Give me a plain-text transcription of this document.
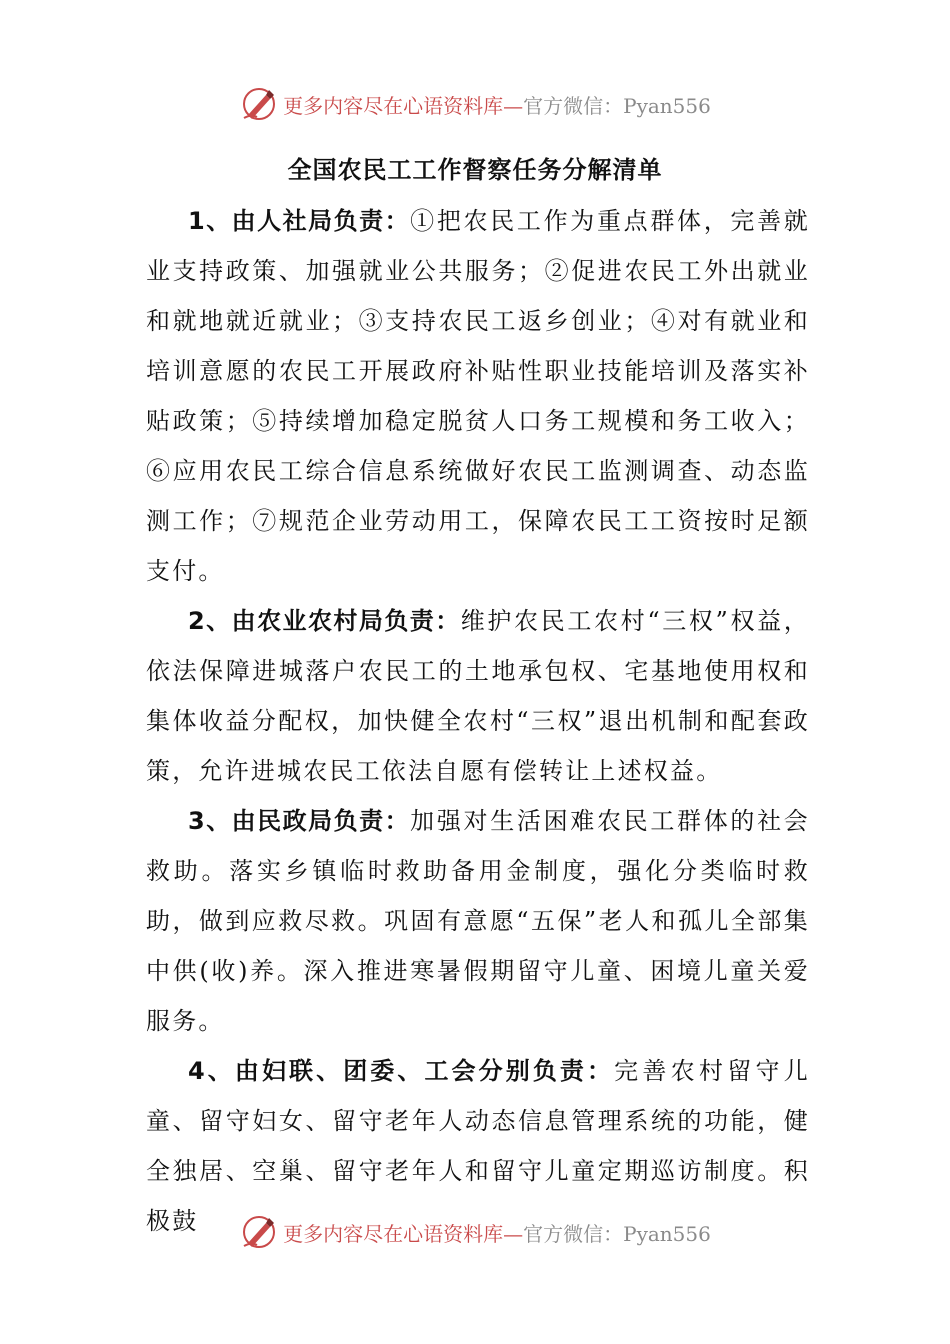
更多内容尽在心语资料库—官方微信：Pyan556
全国农民工工作督察任务分解清单

1、由人社局负责：①把农民工作为重点群体，完善就业支持政策、加强就业公共服务；②促进农民工外出就业和就地就近就业；③支持农民工返乡创业；④对有就业和培训意愿的农民工开展政府补贴性职业技能培训及落实补贴政策；⑤持续增加稳定脱贫人口务工规模和务工收入；⑥应用农民工综合信息系统做好农民工监测调查、动态监测工作；⑦规范企业劳动用工，保障农民工工资按时足额支付。

2、由农业农村局负责：维护农民工农村“三权”权益，依法保障进城落户农民工的土地承包权、宅基地使用权和集体收益分配权，加快健全农村“三权”退出机制和配套政策，允许进城农民工依法自愿有偿转让上述权益。

3、由民政局负责：加强对生活困难农民工群体的社会救助。落实乡镇临时救助备用金制度，强化分类临时救助，做到应救尽救。巩固有意愿“五保”老人和孤儿全部集中供(收)养。深入推进寒暑假期留守儿童、困境儿童关爱服务。

4、由妇联、团委、工会分别负责：完善农村留守儿童、留守妇女、留守老年人动态信息管理系统的功能，健全独居、空巢、留守老年人和留守儿童定期巡访制度。积极鼓	更多内容尽在心语资料库—官方微信：Pyan556
